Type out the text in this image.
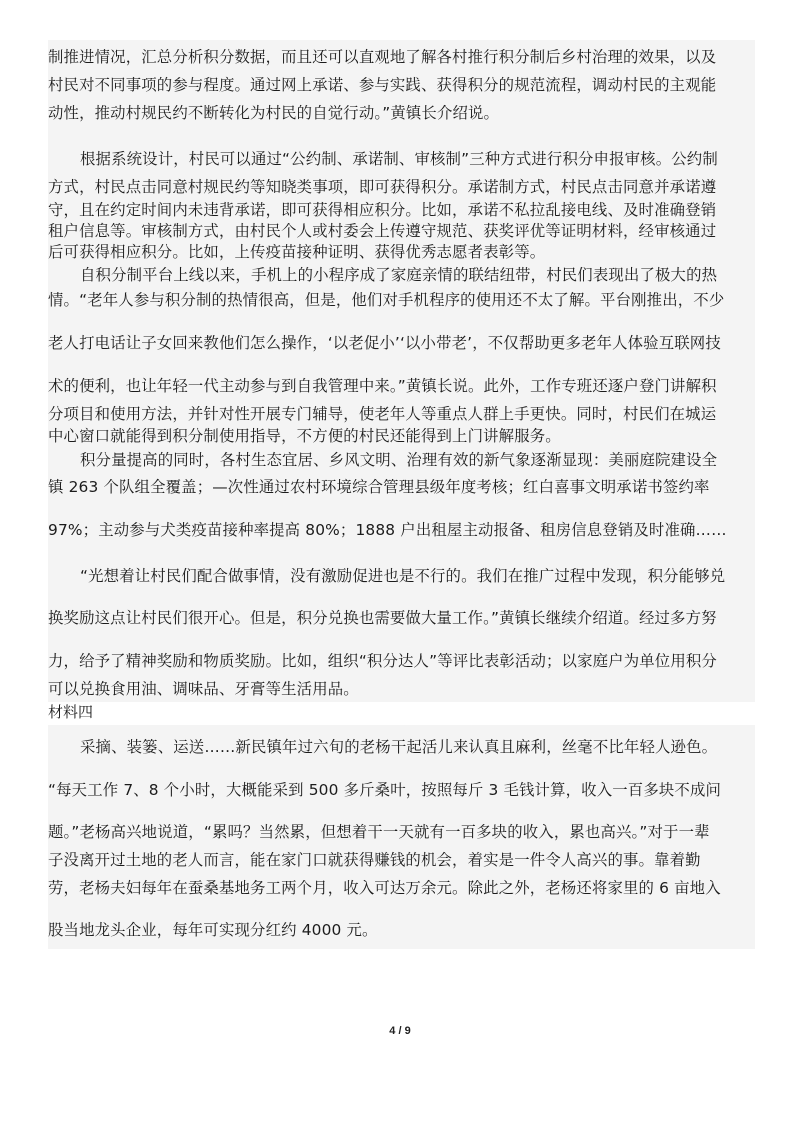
制推进情况，汇总分析积分数据，而且还可以直观地了解各村推行积分制后乡村治理的效果，以及
村民对不同事项的参与程度。通过网上承诺、参与实践、获得积分的规范流程，调动村民的主观能
动性，推动村规民约不断转化为村民的自觉行动。”黄镇长介绍说。
根据系统设计，村民可以通过“公约制、承诺制、审核制”三种方式进行积分申报审核。公约制
方式，村民点击同意村规民约等知晓类事项，即可获得积分。承诺制方式，村民点击同意并承诺遵
守，且在约定时间内未违背承诺，即可获得相应积分。比如，承诺不私拉乱接电线、及时准确登销
租户信息等。审核制方式，由村民个人或村委会上传遵守规范、获奖评优等证明材料，经审核通过
后可获得相应积分。比如，上传疫苗接种证明、获得优秀志愿者表彰等。
自积分制平台上线以来，手机上的小程序成了家庭亲情的联结纽带，村民们表现出了极大的热
情。“老年人参与积分制的热情很高，但是，他们对手机程序的使用还不太了解。平台刚推出，不少
老人打电话让子女回来教他们怎么操作，‘以老促小’‘以小带老’，不仅帮助更多老年人体验互联网技
术的便利，也让年轻一代主动参与到自我管理中来。”黄镇长说。此外，工作专班还逐户登门讲解积
分项目和使用方法，并针对性开展专门辅导，使老年人等重点人群上手更快。同时，村民们在城运
中心窗口就能得到积分制使用指导，不方便的村民还能得到上门讲解服务。
积分量提高的同时，各村生态宜居、乡风文明、治理有效的新气象逐渐显现：美丽庭院建设全
镇 263 个队组全覆盖；—次性通过农村环境综合管理县级年度考核；红白喜事文明承诺书签约率
97%；主动参与犬类疫苗接种率提高 80%；1888 户出租屋主动报备、租房信息登销及时准确……
“光想着让村民们配合做事情，没有激励促进也是不行的。我们在推广过程中发现，积分能够兑
换奖励这点让村民们很开心。但是，积分兑换也需要做大量工作。”黄镇长继续介绍道。经过多方努
力，给予了精神奖励和物质奖励。比如，组织“积分达人”等评比表彰活动；以家庭户为单位用积分
可以兑换食用油、调味品、牙膏等生活用品。
材料四
采摘、装篓、运送……新民镇年过六旬的老杨干起活儿来认真且麻利，丝毫不比年轻人逊色。
“每天工作 7、8 个小时，大概能采到 500 多斤桑叶，按照每斤 3 毛钱计算，收入一百多块不成问
题。”老杨高兴地说道，“累吗？当然累，但想着干一天就有一百多块的收入，累也高兴。”对于一辈
子没离开过土地的老人而言，能在家门口就获得赚钱的机会，着实是一件令人高兴的事。靠着勤
劳，老杨夫妇每年在蚕桑基地务工两个月，收入可达万余元。除此之外，老杨还将家里的 6 亩地入
股当地龙头企业，每年可实现分红约 4000 元。
4 / 9
